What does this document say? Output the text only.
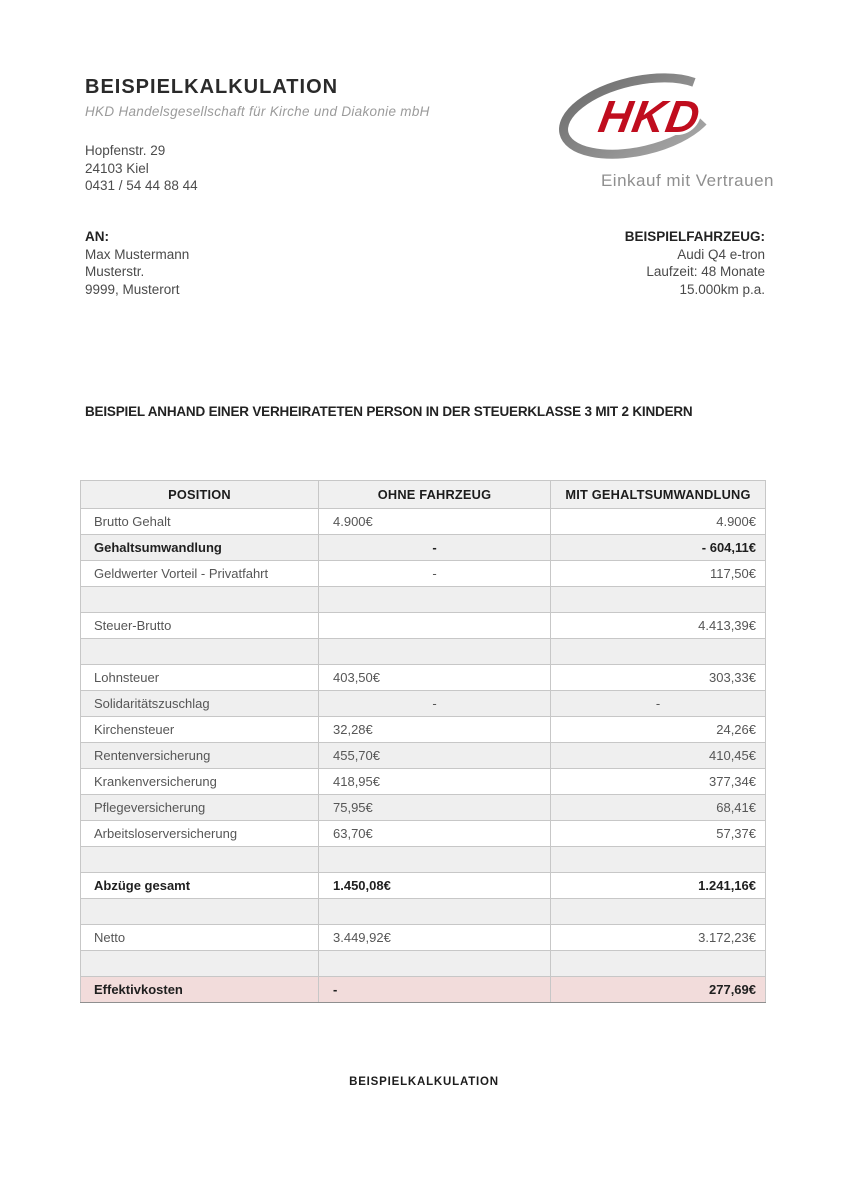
BEISPIELKALKULATION
HKD Handelsgesellschaft für Kirche und Diakonie mbH
Hopfenstr. 29
24103 Kiel
0431 / 54 44 88 44
HKD
Einkauf mit Vertrauen
AN:
Max Mustermann
Musterstr.
9999, Musterort
BEISPIELFAHRZEUG:
Audi Q4 e-tron
Laufzeit: 48 Monate
15.000km p.a.
BEISPIEL ANHAND EINER VERHEIRATETEN PERSON IN DER STEUERKLASSE 3 MIT 2 KINDERN
POSITION	OHNE FAHRZEUG	MIT GEHALTSUMWANDLUNG
Brutto Gehalt	4.900€	4.900€
Gehaltsumwandlung	-	- 604,11€
Geldwerter Vorteil - Privatfahrt	-	117,50€

Steuer-Brutto		4.413,39€

Lohnsteuer	403,50€	303,33€
Solidaritätszuschlag	-	-
Kirchensteuer	32,28€	24,26€
Rentenversicherung	455,70€	410,45€
Krankenversicherung	418,95€	377,34€
Pflegeversicherung	75,95€	68,41€
Arbeitsloserversicherung	63,70€	57,37€

Abzüge gesamt	1.450,08€	1.241,16€

Netto	3.449,92€	3.172,23€

Effektivkosten	-	277,69€
BEISPIELKALKULATION
